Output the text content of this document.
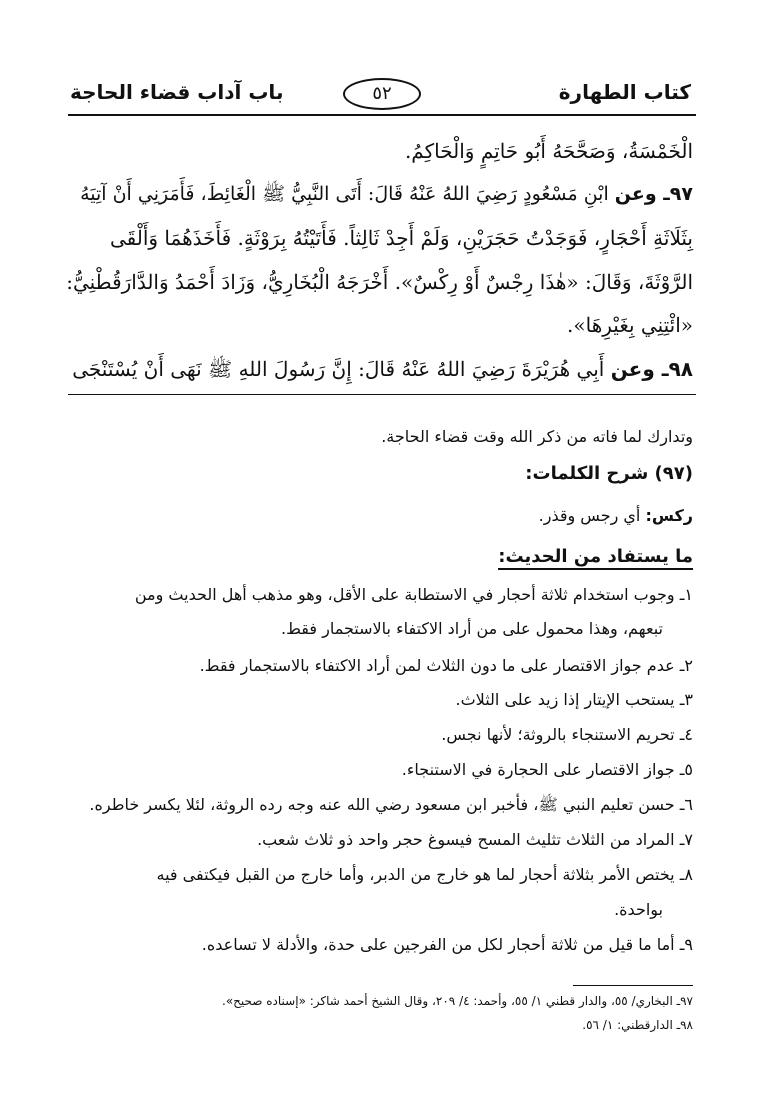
كتاب الطهارة
٥٢
باب آداب قضاء الحاجة
الْخَمْسَةُ، وَصَحَّحَهُ أَبُو حَاتِمٍ وَالْحَاكِمُ.
٩٧ـ وعن ابْنِ مَسْعُودٍ رَضِيَ اللهُ عَنْهُ قَالَ: أَتَى النَّبِيُّ ﷺ الْغَائِطَ، فَأَمَرَنِي أَنْ آتِيَهُ
بِثَلَاثَةِ أَحْجَارٍ، فَوَجَدْتُ حَجَرَيْنِ، وَلَمْ أَجِدْ ثَالِثاً. فَأَتَيْتُهُ بِرَوْثَةٍ. فَأَخَذَهُمَا وَأَلْقَى
الرَّوْثَةَ، وَقَالَ: «هٰذَا رِجْسٌ أَوْ رِكْسٌ». أَخْرَجَهُ الْبُخَارِيُّ، وَزَادَ أَحْمَدُ وَالدَّارَقُطْنِيُّ:
«ائْتِنِي بِغَيْرِهَا».
٩٨ـ وعن أَبِي هُرَيْرَةَ رَضِيَ اللهُ عَنْهُ قَالَ: إِنَّ رَسُولَ اللهِ ﷺ نَهَى أَنْ يُسْتَنْجَى
وتدارك لما فاته من ذكر الله وقت قضاء الحاجة.
(٩٧) شرح الكلمات:
ركس: أي رجس وقذر.
ما يستفاد من الحديث:
١ـ وجوب استخدام ثلاثة أحجار في الاستطابة على الأقل، وهو مذهب أهل الحديث ومن
تبعهم، وهذا محمول على من أراد الاكتفاء بالاستجمار فقط.
٢ـ عدم جواز الاقتصار على ما دون الثلاث لمن أراد الاكتفاء بالاستجمار فقط.
٣ـ يستحب الإيتار إذا زيد على الثلاث.
٤ـ تحريم الاستنجاء بالروثة؛ لأنها نجس.
٥ـ جواز الاقتصار على الحجارة في الاستنجاء.
٦ـ حسن تعليم النبي ﷺ، فأخبر ابن مسعود رضي الله عنه وجه رده الروثة، لئلا يكسر خاطره.
٧ـ المراد من الثلاث تثليث المسح فيسوغ حجر واحد ذو ثلاث شعب.
٨ـ يختص الأمر بثلاثة أحجار لما هو خارج من الدبر، وأما خارج من القبل فيكتفى فيه
بواحدة.
٩ـ أما ما قيل من ثلاثة أحجار لكل من الفرجين على حدة، والأدلة لا تساعده.
٩٧ـ البخاري/ ٥٥، والدار قطني ١/ ٥٥، وأحمد: ٤/ ٢٠٩، وقال الشيخ أحمد شاكر: «إسناده صحيح».
٩٨ـ الدارقطني: ١/ ٥٦.
